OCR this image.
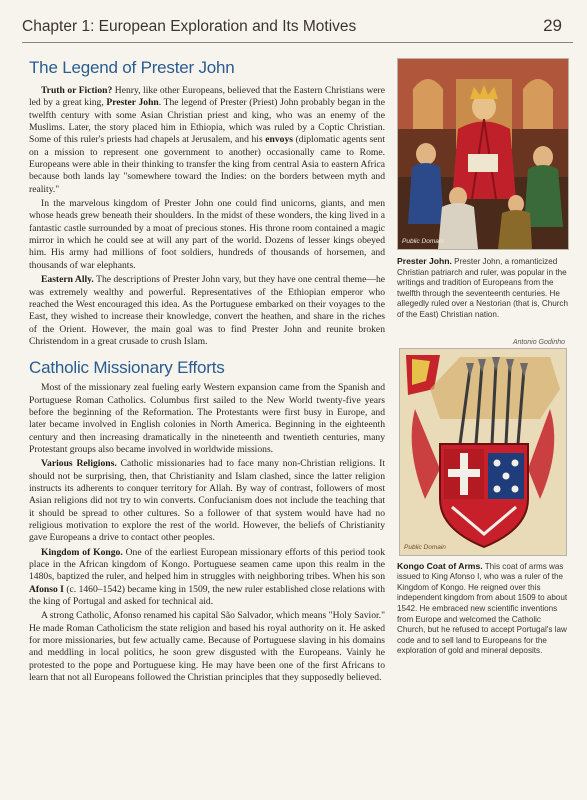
Chapter 1: European Exploration and Its Motives	29
The Legend of Prester John

Truth or Fiction? Henry, like other Europeans, believed that the Eastern Christians were led by a great king, Prester John. The legend of Prester (Priest) John probably began in the twelfth century with some Asian Christian priest and king, who was an enemy of the Muslims. Later, the story placed him in Ethiopia, which was ruled by a Coptic Christian. Some of this ruler's priests had chapels at Jerusalem, and his envoys (diplomatic agents sent on a mission to represent one government to another) occasionally came to Rome. Europeans were able in their thinking to transfer the king from central Asia to eastern Africa because both lands lay "somewhere toward the Indies: on the borders between myth and reality."

In the marvelous kingdom of Prester John one could find unicorns, giants, and men whose heads grew beneath their shoulders. In the midst of these wonders, the king lived in a fantastic castle surrounded by a moat of precious stones. His throne room contained a magic mirror in which he could see at will any part of the world. Dozens of lesser kings obeyed him. His army had millions of foot soldiers, hundreds of thousands of horsemen, and thousands of war elephants.

Eastern Ally. The descriptions of Prester John vary, but they have one central theme—he was extremely wealthy and powerful. Representatives of the Ethiopian emperor who reached the West encouraged this idea. As the Portuguese embarked on their voyages to the East, they wished to increase their knowledge, convert the heathen, and share in the riches of the Orient. However, the main goal was to find Prester John and reunite broken Christendom in a great crusade to crush Islam.

Catholic Missionary Efforts

Most of the missionary zeal fueling early Western expansion came from the Spanish and Portuguese Roman Catholics. Columbus first sailed to the New World twenty-five years before the beginning of the Reformation. The Protestants were first busy in Europe, and later became involved in English colonies in North America. Beginning in the eighteenth century and then increasing dramatically in the nineteenth and twentieth centuries, many Protestant groups also became involved in worldwide missions.

Various Religions. Catholic missionaries had to face many non-Christian religions. It should not be surprising, then, that Christianity and Islam clashed, since the latter religion instructs its adherents to conquer territory for Allah. By way of contrast, followers of most Asian religions did not try to win converts. Confucianism does not include the teaching that it should be spread to other cultures. So a follower of that system would have had no religious motivation to explore the rest of the world. However, the beliefs of Christianity gave Europeans a drive to contact other peoples.

Kingdom of Kongo. One of the earliest European missionary efforts of this period took place in the African kingdom of Kongo. Portuguese seamen came upon this realm in the 1480s, baptized the ruler, and helped him in struggles with neighboring tribes. When his son Afonso I (c. 1460–1542) became king in 1509, the new ruler established close relations with the king of Portugal and asked for technical aid.

A strong Catholic, Afonso renamed his capital São Salvador, which means "Holy Savior." He made Roman Catholicism the state religion and based his royal authority on it. He asked for more missionaries, but few actually came. Because of Portuguese slaving in his domains and meddling in local politics, he soon grew disgusted with the Europeans. Vainly he protested to the pope and Portuguese king. He may have been one of the first Africans to learn that not all Europeans followed the Christian principles that they supposedly believed.

Public Domain
Prester John. Prester John, a romanticized Christian patriarch and ruler, was popular in the writings and tradition of Europeans from the twelfth through the seventeenth centuries. He allegedly ruled over a Nestorian (that is, Church of the East) Christian nation.
Antonio Godinho
Public Domain
Kongo Coat of Arms. This coat of arms was issued to King Afonso I, who was a ruler of the Kingdom of Kongo. He reigned over this independent kingdom from about 1509 to about 1542. He embraced new scientific inventions from Europe and welcomed the Catholic Church, but he refused to accept Portugal's law code and to sell land to Europeans for the exploration of gold and mineral deposits.
